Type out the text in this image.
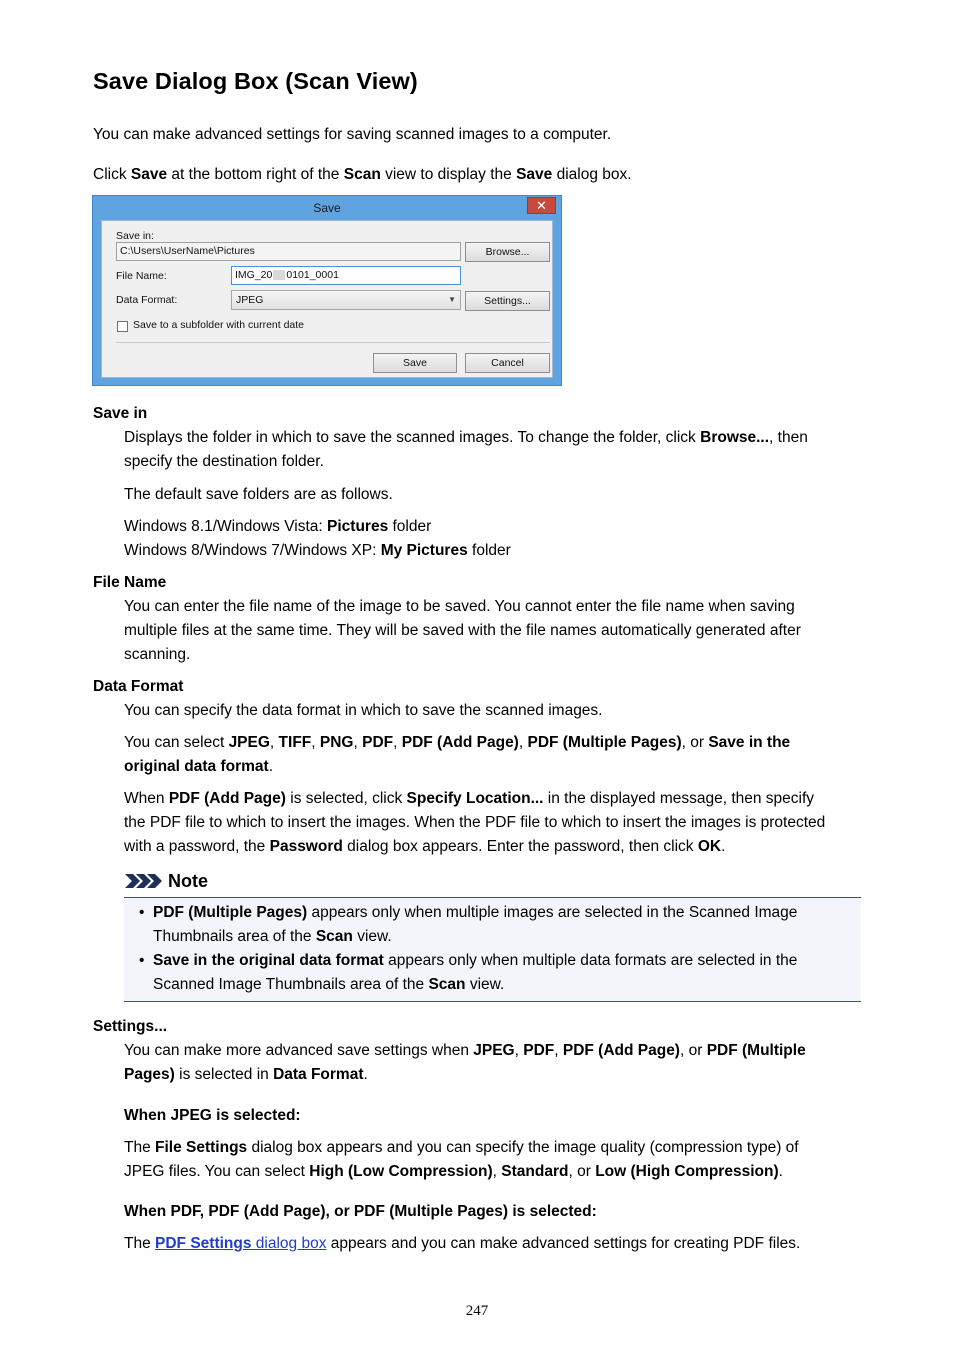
Save Dialog Box (Scan View)

You can make advanced settings for saving scanned images to a computer.

Click Save at the bottom right of the Scan view to display the Save dialog box.

Save	✕
Save in:
C:\Users\UserName\Pictures	Browse...
File Name:	IMG_20 0101_0001
Data Format:	JPEG	▼	Settings...
Save to a subfolder with current date
Save	Cancel

Save in

Displays the folder in which to save the scanned images. To change the folder, click Browse..., then

specify the destination folder.

The default save folders are as follows.

Windows 8.1/Windows Vista: Pictures folder

Windows 8/Windows 7/Windows XP: My Pictures folder

File Name

You can enter the file name of the image to be saved. You cannot enter the file name when saving

multiple files at the same time. They will be saved with the file names automatically generated after

scanning.

Data Format

You can specify the data format in which to save the scanned images.

You can select JPEG, TIFF, PNG, PDF, PDF (Add Page), PDF (Multiple Pages), or Save in the

original data format.

When PDF (Add Page) is selected, click Specify Location... in the displayed message, then specify

the PDF file to which to insert the images. When the PDF file to which to insert the images is protected

with a password, the Password dialog box appears. Enter the password, then click OK.

Note

• PDF (Multiple Pages) appears only when multiple images are selected in the Scanned Image
Thumbnails area of the Scan view.
• Save in the original data format appears only when multiple data formats are selected in the
Scanned Image Thumbnails area of the Scan view.

Settings...

You can make more advanced save settings when JPEG, PDF, PDF (Add Page), or PDF (Multiple

Pages) is selected in Data Format.

When JPEG is selected:

The File Settings dialog box appears and you can specify the image quality (compression type) of

JPEG files. You can select High (Low Compression), Standard, or Low (High Compression).

When PDF, PDF (Add Page), or PDF (Multiple Pages) is selected:

The PDF Settings dialog box appears and you can make advanced settings for creating PDF files.

247
